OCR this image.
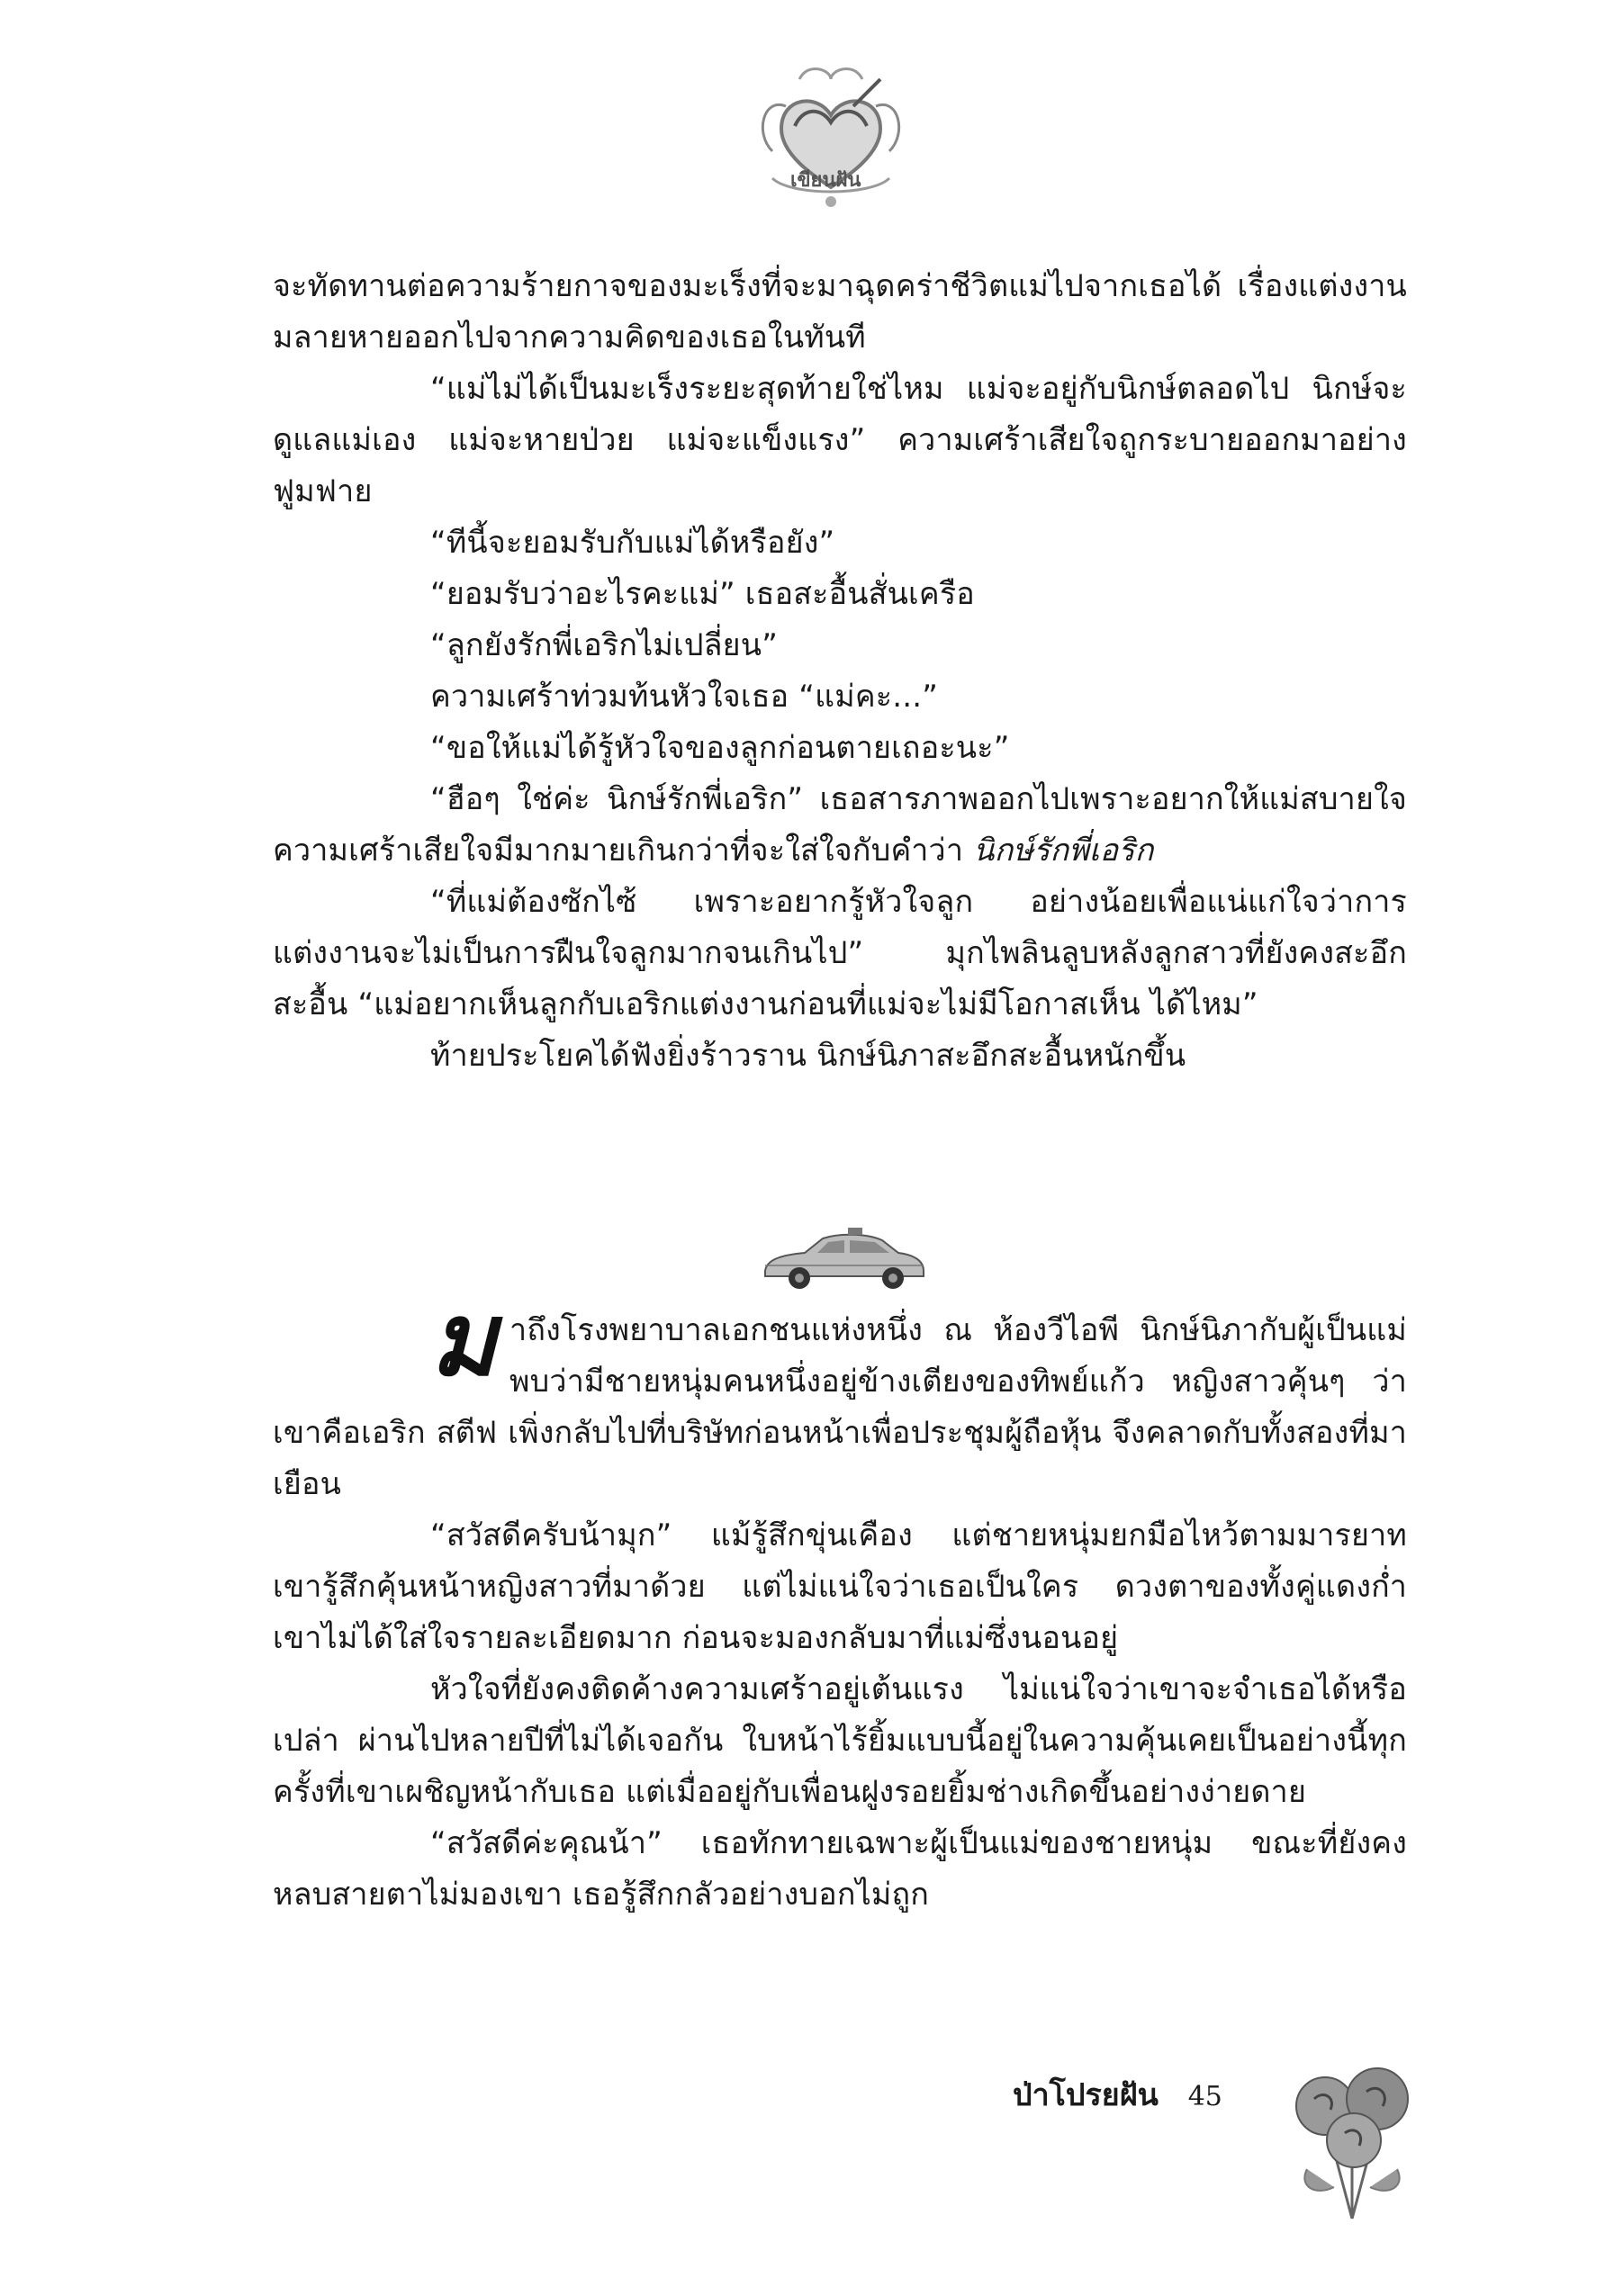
เขียนฝัน

จะทัดทานต่อความร้ายกาจของมะเร็งที่จะมาฉุดคร่าชีวิตแม่ไปจากเธอได้ เรื่องแต่งงานมลายหายออกไปจากความคิดของเธอในทันที

“แม่ไม่ได้เป็นมะเร็งระยะสุดท้ายใช่ไหม แม่จะอยู่กับนิกษ์ตลอดไป นิกษ์จะดูแลแม่เอง แม่จะหายป่วย แม่จะแข็งแรง” ความเศร้าเสียใจถูกระบายออกมาอย่างฟูมฟาย

“ทีนี้จะยอมรับกับแม่ได้หรือยัง”

“ยอมรับว่าอะไรคะแม่” เธอสะอื้นสั่นเครือ

“ลูกยังรักพี่เอริกไม่เปลี่ยน”

ความเศร้าท่วมท้นหัวใจเธอ “แม่คะ...”

“ขอให้แม่ได้รู้หัวใจของลูกก่อนตายเถอะนะ”

“ฮือๆ ใช่ค่ะ นิกษ์รักพี่เอริก” เธอสารภาพออกไปเพราะอยากให้แม่สบายใจ ความเศร้าเสียใจมีมากมายเกินกว่าที่จะใส่ใจกับคำว่า นิกษ์รักพี่เอริก

“ที่แม่ต้องซักไซ้ เพราะอยากรู้หัวใจลูก อย่างน้อยเพื่อแน่แก่ใจว่าการแต่งงานจะไม่เป็นการฝืนใจลูกมากจนเกินไป” มุกไพลินลูบหลังลูกสาวที่ยังคงสะอึกสะอื้น “แม่อยากเห็นลูกกับเอริกแต่งงานก่อนที่แม่จะไม่มีโอกาสเห็น ได้ไหม”

ท้ายประโยคได้ฟังยิ่งร้าวราน นิกษ์นิภาสะอึกสะอื้นหนักขึ้น

มาถึงโรงพยาบาลเอกชนแห่งหนึ่ง ณ ห้องวีไอพี นิกษ์นิภากับผู้เป็นแม่พบว่ามีชายหนุ่มคนหนึ่งอยู่ข้างเตียงของทิพย์แก้ว หญิงสาวคุ้นๆ ว่าเขาคือเอริก สตีฟ เพิ่งกลับไปที่บริษัทก่อนหน้าเพื่อประชุมผู้ถือหุ้น จึงคลาดกับทั้งสองที่มาเยือน

“สวัสดีครับน้ามุก” แม้รู้สึกขุ่นเคือง แต่ชายหนุ่มยกมือไหว้ตามมารยาท เขารู้สึกคุ้นหน้าหญิงสาวที่มาด้วย แต่ไม่แน่ใจว่าเธอเป็นใคร ดวงตาของทั้งคู่แดงก่ำ เขาไม่ได้ใส่ใจรายละเอียดมาก ก่อนจะมองกลับมาที่แม่ซึ่งนอนอยู่

หัวใจที่ยังคงติดค้างความเศร้าอยู่เต้นแรง ไม่แน่ใจว่าเขาจะจำเธอได้หรือเปล่า ผ่านไปหลายปีที่ไม่ได้เจอกัน ใบหน้าไร้ยิ้มแบบนี้อยู่ในความคุ้นเคยเป็นอย่างนี้ทุกครั้งที่เขาเผชิญหน้ากับเธอ แต่เมื่ออยู่กับเพื่อนฝูงรอยยิ้มช่างเกิดขึ้นอย่างง่ายดาย

“สวัสดีค่ะคุณน้า” เธอทักทายเฉพาะผู้เป็นแม่ของชายหนุ่ม ขณะที่ยังคงหลบสายตาไม่มองเขา เธอรู้สึกกลัวอย่างบอกไม่ถูก

ป่าโปรยฝัน 45
